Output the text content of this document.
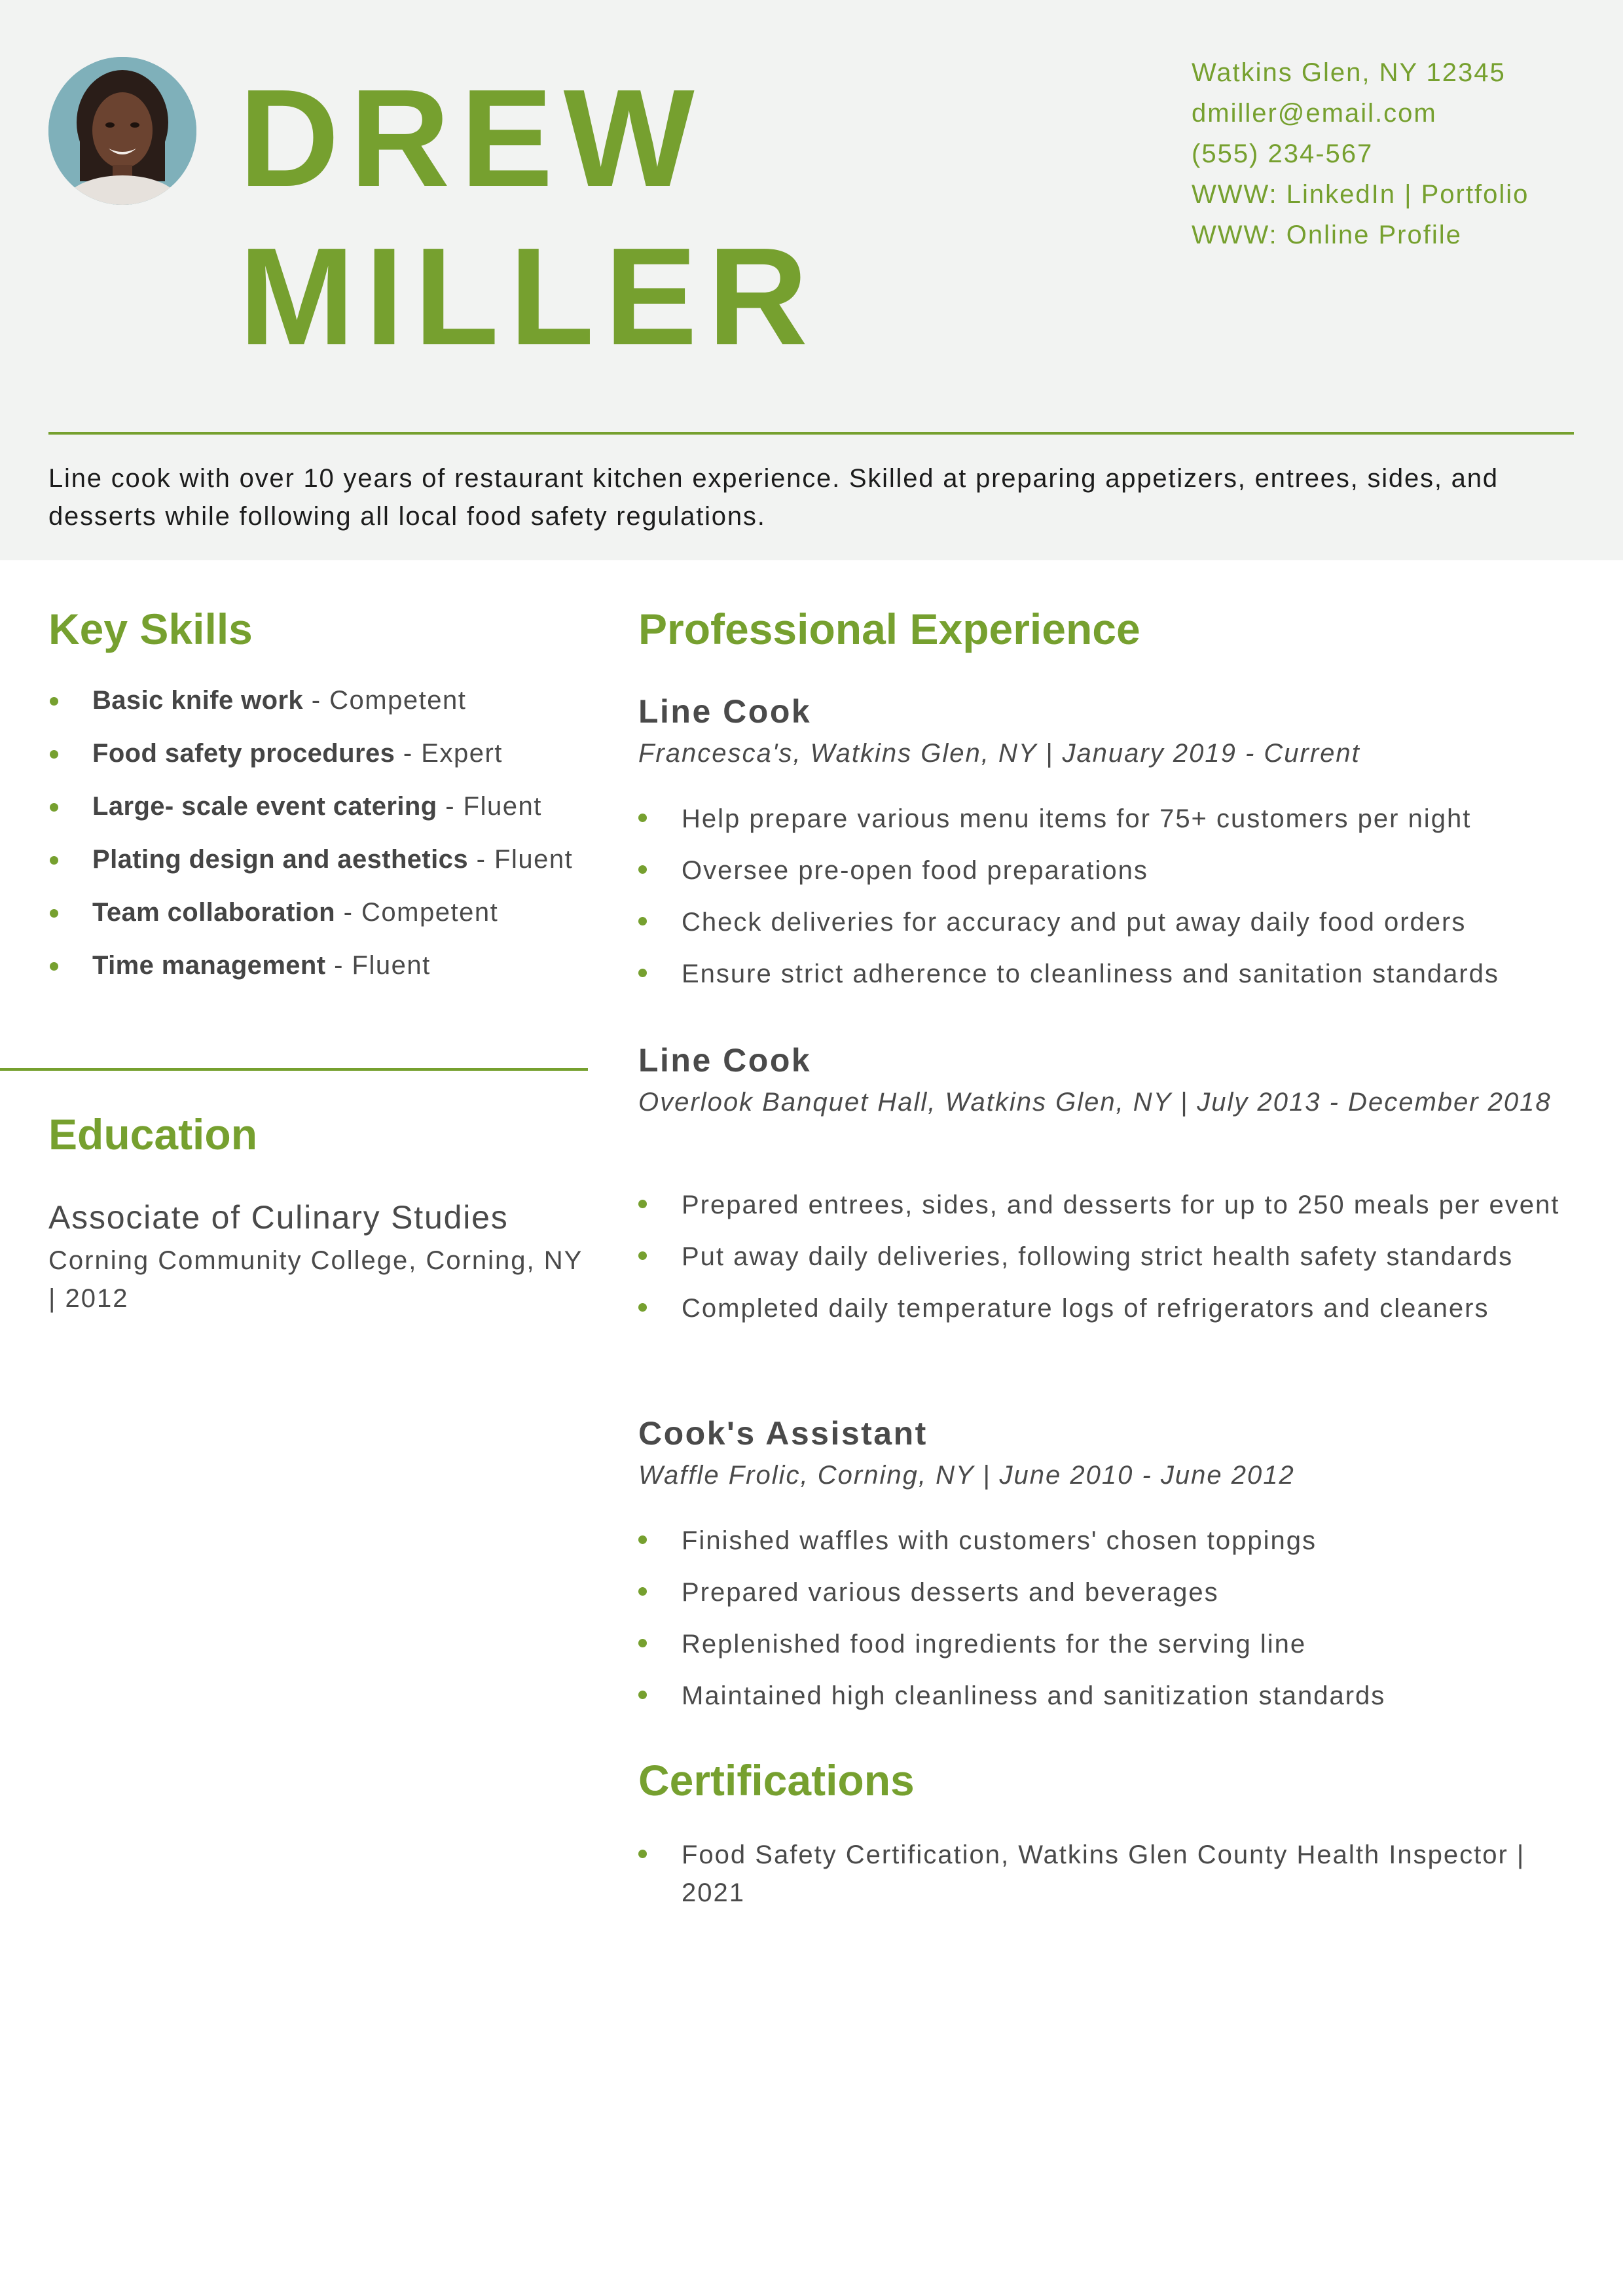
DREW
MILLER
Watkins Glen, NY 12345
dmiller@email.com
(555) 234-567
WWW: LinkedIn | Portfolio
WWW: Online Profile
Line cook with over 10 years of restaurant kitchen experience. Skilled at preparing appetizers, entrees, sides, and desserts while following all local food safety regulations.
Key Skills
Basic knife work - Competent
Food safety procedures - Expert
Large- scale event catering - Fluent
Plating design and aesthetics - Fluent
Team collaboration - Competent
Time management - Fluent
Education
Associate of Culinary Studies
Corning Community College, Corning, NY | 2012
Professional Experience
Line Cook
Francesca's, Watkins Glen, NY | January 2019 - Current
Help prepare various menu items for 75+ customers per night
Oversee pre-open food preparations
Check deliveries for accuracy and put away daily food orders
Ensure strict adherence to cleanliness and sanitation standards
Line Cook
Overlook Banquet Hall, Watkins Glen, NY | July 2013 - December 2018
Prepared entrees, sides, and desserts for up to 250 meals per event
Put away daily deliveries, following strict health safety standards
Completed daily temperature logs of refrigerators and cleaners
Cook's Assistant
Waffle Frolic, Corning, NY | June 2010 - June 2012
Finished waffles with customers' chosen toppings
Prepared various desserts and beverages
Replenished food ingredients for the serving line
Maintained high cleanliness and sanitization standards
Certifications
Food Safety Certification, Watkins Glen County Health Inspector | 2021
